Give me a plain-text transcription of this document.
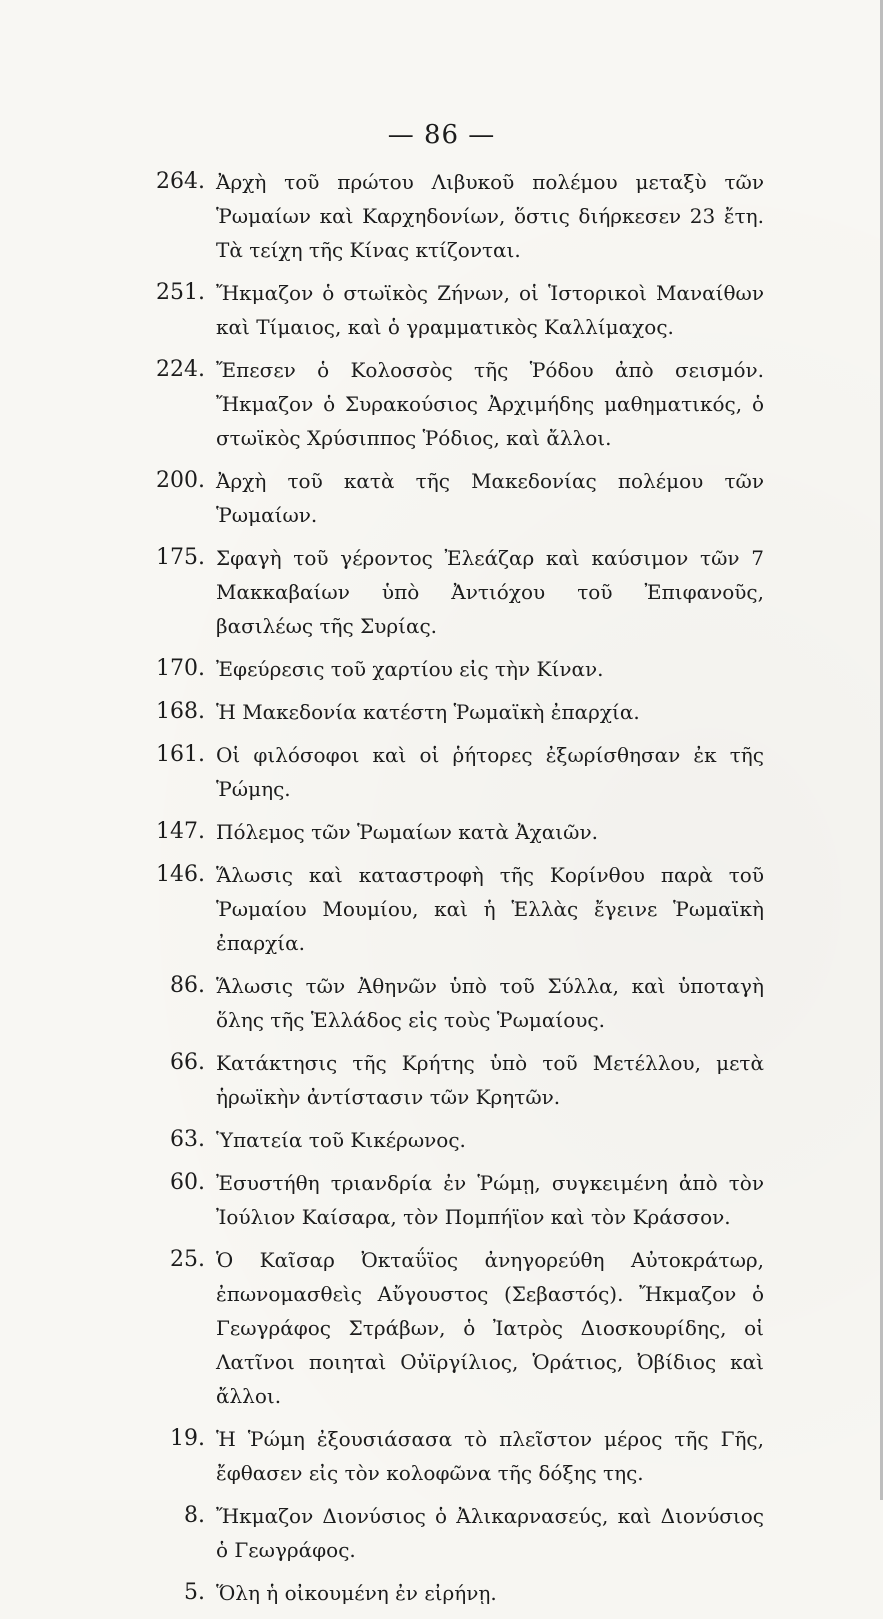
— 86 —
264. Ἀρχὴ τοῦ πρώτου Λιβυκοῦ πολέμου μεταξὺ τῶν Ῥωμαίων καὶ Καρχηδονίων, ὅστις διήρκεσεν 23 ἔτη. Τὰ τείχη τῆς Κίνας κτίζονται.
251. Ἤκμαζον ὁ στωϊκὸς Ζήνων, οἱ Ἱστορικοὶ Μαναίθων καὶ Τίμαιος, καὶ ὁ γραμματικὸς Καλλίμαχος.
224. Ἔπεσεν ὁ Κολοσσὸς τῆς Ῥόδου ἀπὸ σεισμόν. Ἤκμαζον ὁ Συρακούσιος Ἀρχιμήδης μαθηματικός, ὁ στωϊκὸς Χρύσιππος Ῥόδιος, καὶ ἄλλοι.
200. Ἀρχὴ τοῦ κατὰ τῆς Μακεδονίας πολέμου τῶν Ῥωμαίων.
175. Σφαγὴ τοῦ γέροντος Ἐλεάζαρ καὶ καύσιμον τῶν 7 Μακκαβαίων ὑπὸ Ἀντιόχου τοῦ Ἐπιφανοῦς, βασιλέως τῆς Συρίας.
170. Ἐφεύρεσις τοῦ χαρτίου εἰς τὴν Κίναν.
168. Ἡ Μακεδονία κατέστη Ῥωμαϊκὴ ἐπαρχία.
161. Οἱ φιλόσοφοι καὶ οἱ ῥήτορες ἐξωρίσθησαν ἐκ τῆς Ῥώμης.
147. Πόλεμος τῶν Ῥωμαίων κατὰ Ἀχαιῶν.
146. Ἅλωσις καὶ καταστροφὴ τῆς Κορίνθου παρὰ τοῦ Ῥωμαίου Μουμίου, καὶ ἡ Ἑλλὰς ἔγεινε Ῥωμαϊκὴ ἐπαρχία.
86. Ἅλωσις τῶν Ἀθηνῶν ὑπὸ τοῦ Σύλλα, καὶ ὑποταγὴ ὅλης τῆς Ἑλλάδος εἰς τοὺς Ῥωμαίους.
66. Κατάκτησις τῆς Κρήτης ὑπὸ τοῦ Μετέλλου, μετὰ ἡρωϊκὴν ἀντίστασιν τῶν Κρητῶν.
63. Ὑπατεία τοῦ Κικέρωνος.
60. Ἐσυστήθη τριανδρία ἐν Ῥώμῃ, συγκειμένη ἀπὸ τὸν Ἰούλιον Καίσαρα, τὸν Πομπήϊον καὶ τὸν Κράσσον.
25. Ὁ Καῖσαρ Ὀκταΰϊος ἀνηγορεύθη Αὐτοκράτωρ, ἐπωνομασθεὶς Αὔγουστος (Σεβαστός). Ἤκμαζον ὁ Γεωγράφος Στράβων, ὁ Ἰατρὸς Διοσκουρίδης, οἱ Λατῖνοι ποιηταὶ Οὐϊργίλιος, Ὁράτιος, Ὀβίδιος καὶ ἄλλοι.
19. Ἡ Ῥώμη ἐξουσιάσασα τὸ πλεῖστον μέρος τῆς Γῆς, ἔφθασεν εἰς τὸν κολοφῶνα τῆς δόξης της.
8. Ἤκμαζον Διονύσιος ὁ Ἀλικαρνασεύς, καὶ Διονύσιος ὁ Γεωγράφος.
5. Ὅλη ἡ οἰκουμένη ἐν εἰρήνῃ.
